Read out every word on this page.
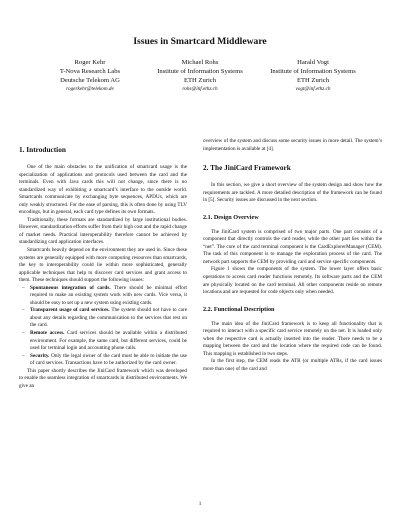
Issues in Smartcard Middleware
Roger Kehr
T-Nova Research Labs
Deutsche Telekom AG
rogerkehr@telekom.de
Michael Rohs
Institute of Information Systems
ETH Zurich
rohs@inf.ethz.ch
Harald Vogt
Institute of Information Systems
ETH Zurich
vogt@inf.ethz.ch
1. Introduction

One of the main obstacles to the unification of smartcard usage is the specialization of applications and protocols used between the card and the terminals. Even with Java cards this will not change, since there is no standardized way of exhibiting a smartcard’s interface to the outside world. Smartcards communicate by exchanging byte sequences, APDUs, which are only weakly structured. For the ease of parsing, this is often done by using TLV encodings, but in general, each card type defines its own formats.

Traditionally, these formats are standardized by large institutional bodies. However, standardization efforts suffer from their high cost and the rapid change of market needs. Practical interoperability therefore cannot be achieved by standardizing card application interfaces.

Smartcards heavily depend on the environment they are used in. Since these systems are generally equipped with more computing resources than smartcards, the key to interoperability could lie within more sophisticated, generally applicable techniques that help to discover card services and grant access to them. These techniques should support the following issues:

– Spontaneous integration of cards. There should be minimal effort required to make an existing system work with new cards. Vice versa, it should be easy to set up a new system using existing cards.
– Transparent usage of card services. The system should not have to care about any details regarding the communication to the services that rest on the card.
– Remote access. Card services should be available within a distributed environment. For example, the same card, but different services, could be used for terminal login and accounting phone calls.
– Security. Only the legal owner of the card must be able to initiate the use of card services. Transactions have to be authorized by the card owner.

This paper shortly describes the JiniCard framework which was developed to enable the seamless integration of smartcards in distributed environments. We give an

overview of the system and discuss some security issues in more detail. The system’s implementation is available at [4].

2. The JiniCard Framework

In this section, we give a short overview of the system design and show how the requirements are tackled. A more detailed description of the framework can be found in [5]. Security issues are discussed in the next section.

2.1. Design Overview

The JiniCard system is comprised of two major parts. One part consists of a component that directly controls the card reader, while the other part lies within the “net”. The core of the card terminal component is the CardExplorerManager (CEM). The task of this component is to manage the exploration process of the card. The network part supports the CEM by providing card and service specific components.

Figure 1 shows the components of the system. The lower layer offers basic operations to access card reader functions remotely. Its software parts and the CEM are physically located on the card terminal. All other components reside on remote locations and are requested for code objects only when needed.

2.2. Functional Description

The main idea of the JiniCard framework is to keep all functionality that is required to interact with a specific card service remotely on the net. It is loaded only when the respective card is actually inserted into the reader. There needs to be a mapping between the card and the location where the required code can be found. This mapping is established in two steps.

In the first step, the CEM reads the ATR (or multiple ATRs, if the card issues more than one) of the card and

1
